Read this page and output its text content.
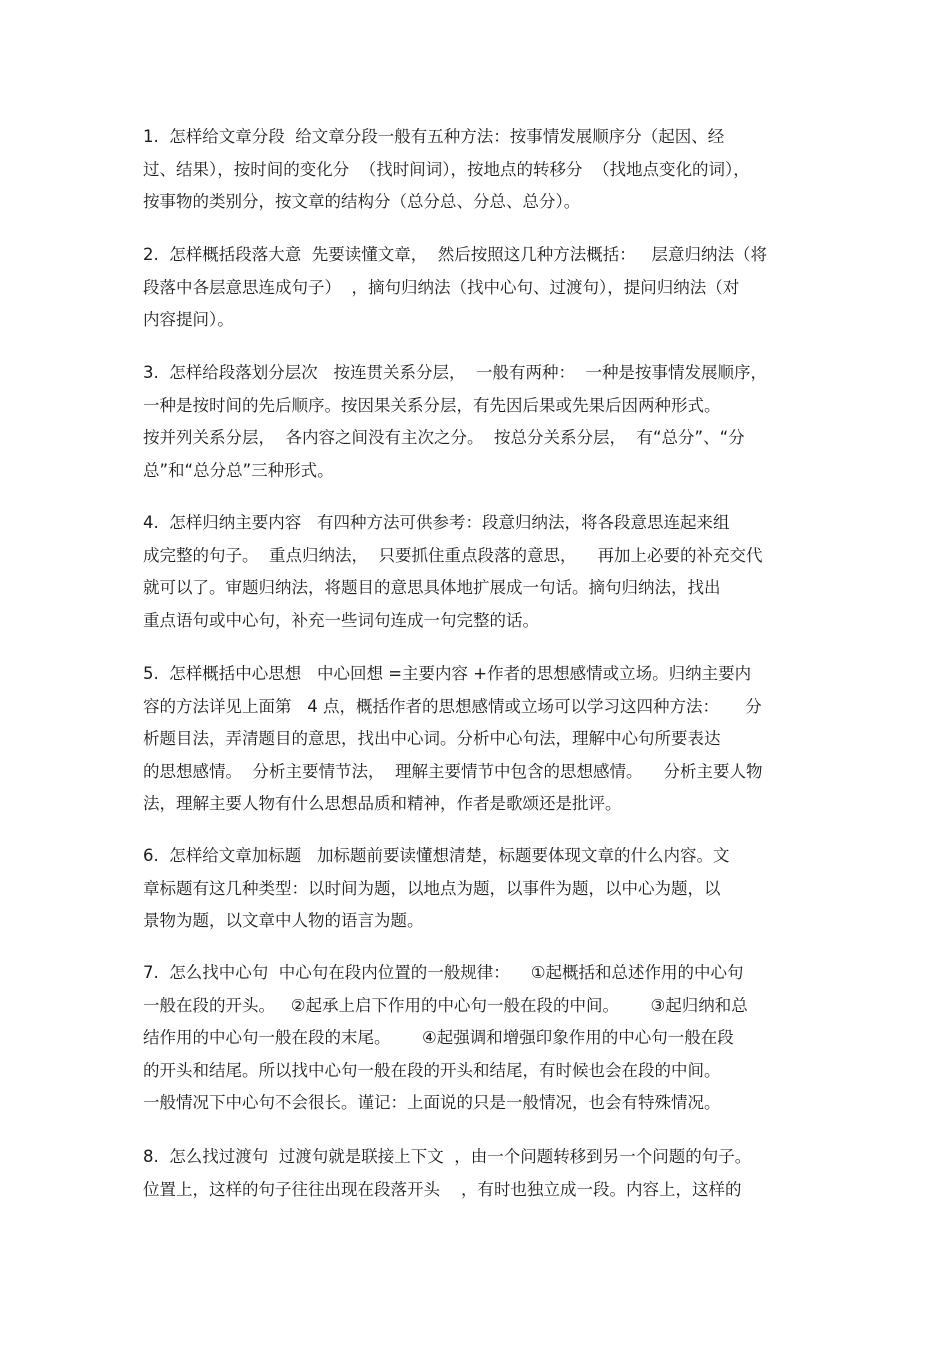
1.  怎样给文章分段  给文章分段一般有五种方法：按事情发展顺序分（起因、经
过、结果），按时间的变化分  （找时间词），按地点的转移分  （找地点变化的词），
按事物的类别分，按文章的结构分（总分总、分总、总分）。
2.  怎样概括段落大意  先要读懂文章，  然后按照这几种方法概括：   层意归纳法（将
段落中各层意思连成句子）  ，摘句归纳法（找中心句、过渡句），提问归纳法（对
内容提问）。
3.  怎样给段落划分层次   按连贯关系分层，  一般有两种：  一种是按事情发展顺序，
一种是按时间的先后顺序。按因果关系分层，有先因后果或先果后因两种形式。
按并列关系分层，  各内容之间没有主次之分。  按总分关系分层，  有“总分”、“分
总”和“总分总”三种形式。
4.  怎样归纳主要内容   有四种方法可供参考：段意归纳法，将各段意思连起来组
成完整的句子。  重点归纳法，  只要抓住重点段落的意思，    再加上必要的补充交代
就可以了。审题归纳法，将题目的意思具体地扩展成一句话。摘句归纳法，找出
重点语句或中心句，补充一些词句连成一句完整的话。
5.  怎样概括中心思想   中心回想 =主要内容 +作者的思想感情或立场。归纳主要内
容的方法详见上面第   4 点，概括作者的思想感情或立场可以学习这四种方法：     分
析题目法，弄清题目的意思，找出中心词。分析中心句法，理解中心句所要表达
的思想感情。  分析主要情节法，  理解主要情节中包含的思想感情。    分析主要人物
法，理解主要人物有什么思想品质和精神，作者是歌颂还是批评。
6.  怎样给文章加标题   加标题前要读懂想清楚，标题要体现文章的什么内容。文
章标题有这几种类型：以时间为题，以地点为题，以事件为题，以中心为题，以
景物为题，以文章中人物的语言为题。
7.  怎么找中心句  中心句在段内位置的一般规律：    ①起概括和总述作用的中心句
一般在段的开头。   ②起承上启下作用的中心句一般在段的中间。      ③起归纳和总
结作用的中心句一般在段的末尾。      ④起强调和增强印象作用的中心句一般在段
的开头和结尾。所以找中心句一般在段的开头和结尾，有时候也会在段的中间。
一般情况下中心句不会很长。谨记：上面说的只是一般情况，也会有特殊情况。
8.  怎么找过渡句  过渡句就是联接上下文  ，由一个问题转移到另一个问题的句子。
位置上，这样的句子往往出现在段落开头    ，有时也独立成一段。内容上，这样的
